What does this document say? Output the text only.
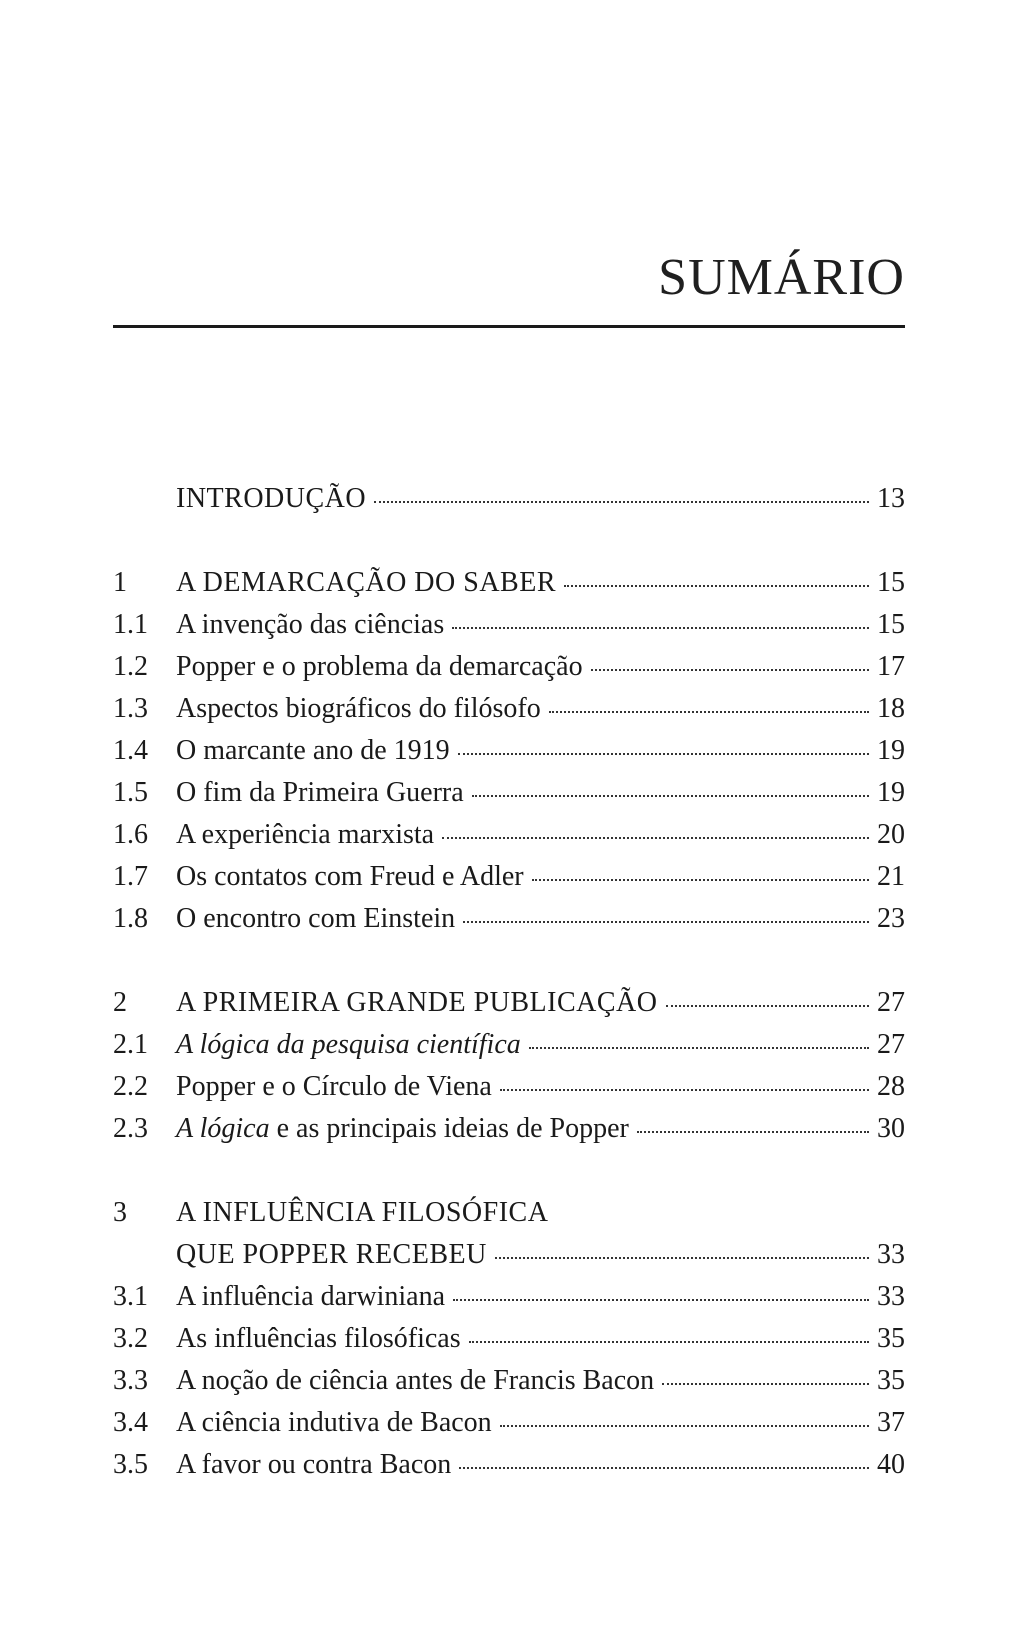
SUMÁRIO
INTRODUÇÃO	13
1	A DEMARCAÇÃO DO SABER	15
1.1	A invenção das ciências	15
1.2	Popper e o problema da demarcação	17
1.3	Aspectos biográficos do filósofo	18
1.4	O marcante ano de 1919	19
1.5	O fim da Primeira Guerra	19
1.6	A experiência marxista	20
1.7	Os contatos com Freud e Adler	21
1.8	O encontro com Einstein	23
2	A PRIMEIRA GRANDE PUBLICAÇÃO	27
2.1	A lógica da pesquisa científica	27
2.2	Popper e o Círculo de Viena	28
2.3	A lógica e as principais ideias de Popper	30
3	A INFLUÊNCIA FILOSÓFICA
QUE POPPER RECEBEU	33
3.1	A influência darwiniana	33
3.2	As influências filosóficas	35
3.3	A noção de ciência antes de Francis Bacon	35
3.4	A ciência indutiva de Bacon	37
3.5	A favor ou contra Bacon	40
